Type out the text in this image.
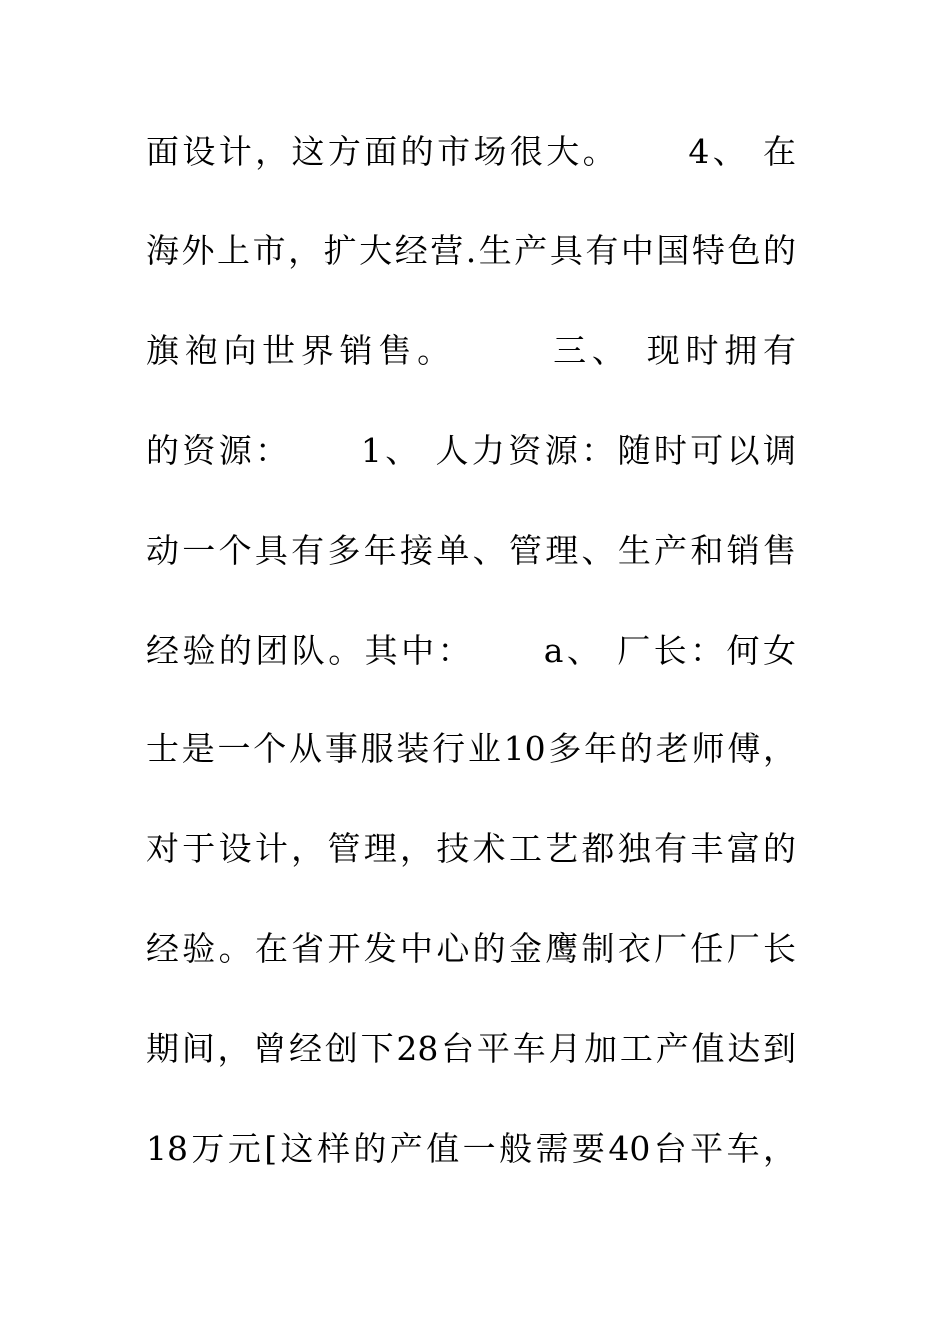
面设计，这方面的市场很大。     4、 在
海外上市，扩大经营.生产具有中国特色的
旗袍向世界销售。      三、 现时拥有
的资源：     1、 人力资源：随时可以调
动一个具有多年接单、管理、生产和销售
经验的团队。其中：     a、 厂长：何女
士是一个从事服装行业10多年的老师傅，
对于设计，管理，技术工艺都独有丰富的
经验。在省开发中心的金鹰制衣厂任厂长
期间，曾经创下28台平车月加工产值达到
18万元[这样的产值一般需要40台平车，
